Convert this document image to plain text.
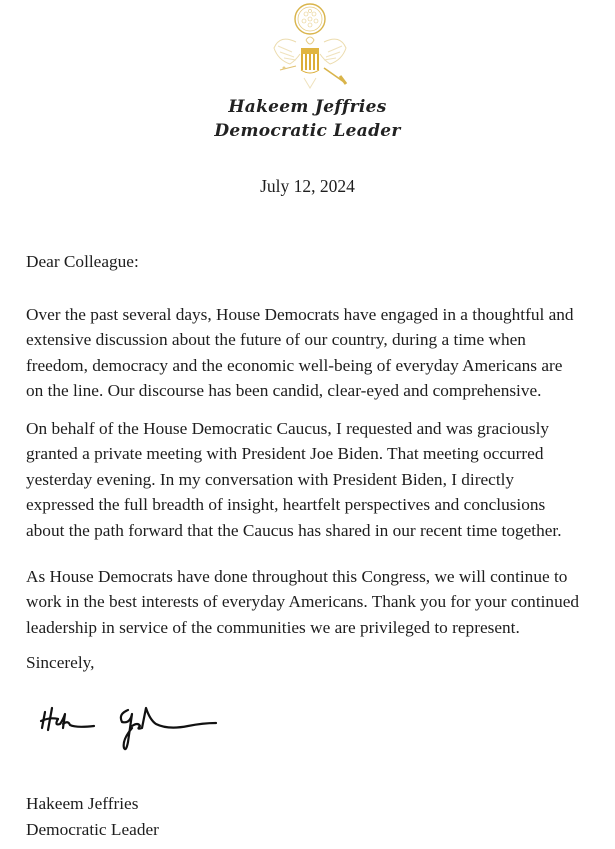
Hakeem Jeffries
Democratic Leader
July 12, 2024
Dear Colleague:
Over the past several days, House Democrats have engaged in a thoughtful and
extensive discussion about the future of our country, during a time when
freedom, democracy and the economic well-being of everyday Americans are
on the line. Our discourse has been candid, clear-eyed and comprehensive.
On behalf of the House Democratic Caucus, I requested and was graciously
granted a private meeting with President Joe Biden. That meeting occurred
yesterday evening. In my conversation with President Biden, I directly
expressed the full breadth of insight, heartfelt perspectives and conclusions
about the path forward that the Caucus has shared in our recent time together.
As House Democrats have done throughout this Congress, we will continue to
work in the best interests of everyday Americans. Thank you for your continued
leadership in service of the communities we are privileged to represent.
Sincerely,
Hakeem Jeffries
Democratic Leader
